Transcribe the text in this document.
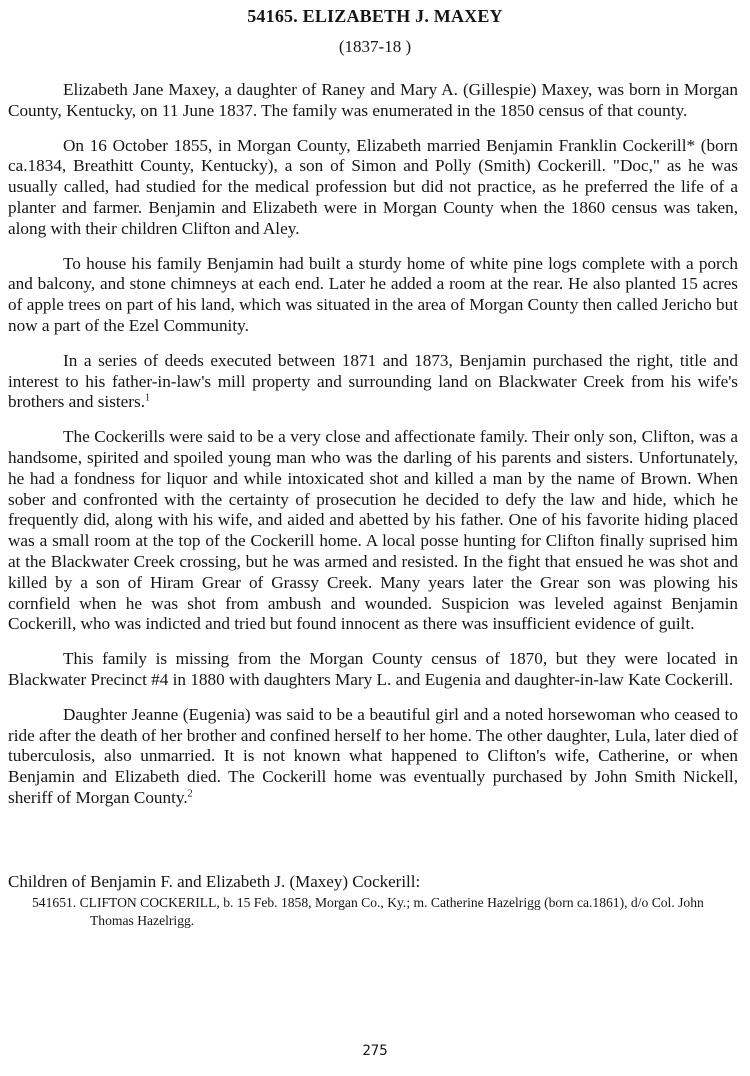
54165. ELIZABETH J. MAXEY
(1837-18 )

Elizabeth Jane Maxey, a daughter of Raney and Mary A. (Gillespie) Maxey, was born in Morgan County, Kentucky, on 11 June 1837. The family was enumerated in the 1850 census of that county.

On 16 October 1855, in Morgan County, Elizabeth married Benjamin Franklin Cockerill* (born ca.1834, Breathitt County, Kentucky), a son of Simon and Polly (Smith) Cockerill. "Doc," as he was usually called, had studied for the medical profession but did not practice, as he preferred the life of a planter and farmer. Benjamin and Elizabeth were in Morgan County when the 1860 census was taken, along with their children Clifton and Aley.

To house his family Benjamin had built a sturdy home of white pine logs complete with a porch and balcony, and stone chimneys at each end. Later he added a room at the rear. He also planted 15 acres of apple trees on part of his land, which was situated in the area of Morgan County then called Jericho but now a part of the Ezel Community.

In a series of deeds executed between 1871 and 1873, Benjamin purchased the right, title and interest to his father-in-law's mill property and surrounding land on Blackwater Creek from his wife's brothers and sisters.$^1$

The Cockerills were said to be a very close and affectionate family. Their only son, Clifton, was a handsome, spirited and spoiled young man who was the darling of his parents and sisters. Unfortunately, he had a fondness for liquor and while intoxicated shot and killed a man by the name of Brown. When sober and confronted with the certainty of prosecution he decided to defy the law and hide, which he frequently did, along with his wife, and aided and abetted by his father. One of his favorite hiding placed was a small room at the top of the Cockerill home. A local posse hunting for Clifton finally suprised him at the Blackwater Creek crossing, but he was armed and resisted. In the fight that ensued he was shot and killed by a son of Hiram Grear of Grassy Creek. Many years later the Grear son was plowing his cornfield when he was shot from ambush and wounded. Suspicion was leveled against Benjamin Cockerill, who was indicted and tried but found innocent as there was insufficient evidence of guilt.

This family is missing from the Morgan County census of 1870, but they were located in Blackwater Precinct #4 in 1880 with daughters Mary L. and Eugenia and daughter-in-law Kate Cockerill.

Daughter Jeanne (Eugenia) was said to be a beautiful girl and a noted horsewoman who ceased to ride after the death of her brother and confined herself to her home. The other daughter, Lula, later died of tuberculosis, also unmarried. It is not known what happened to Clifton's wife, Catherine, or when Benjamin and Elizabeth died. The Cockerill home was eventually purchased by John Smith Nickell, sheriff of Morgan County.$^2$

Children of Benjamin F. and Elizabeth J. (Maxey) Cockerill:
541651. CLIFTON COCKERILL, b. 15 Feb. 1858, Morgan Co., Ky.; m. Catherine Hazelrigg (born ca.1861), d/o Col. John Thomas Hazelrigg.
275
